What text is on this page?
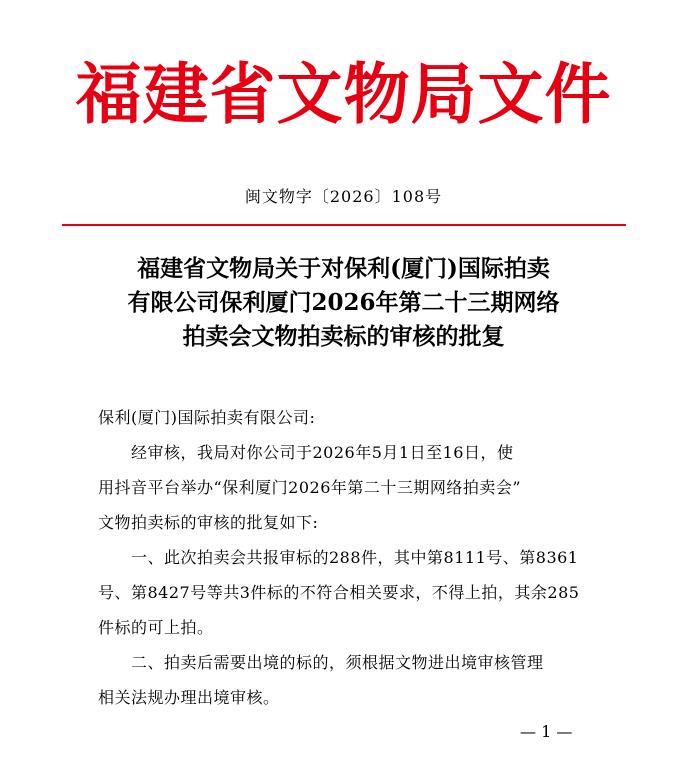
福建省文物局文件
闽文物字〔2026〕108号
福建省文物局关于对保利(厦门)国际拍卖
有限公司保利厦门2026年第二十三期网络
拍卖会文物拍卖标的审核的批复

保利(厦门)国际拍卖有限公司:

经审核，我局对你公司于2026年5月1日至16日，使

用抖音平台举办“保利厦门2026年第二十三期网络拍卖会”

文物拍卖标的审核的批复如下:

一、此次拍卖会共报审标的288件，其中第8111号、第8361

号、第8427号等共3件标的不符合相关要求，不得上拍，其余285

件标的可上拍。

二、拍卖后需要出境的标的，须根据文物进出境审核管理

相关法规办理出境审核。

— 1 —
